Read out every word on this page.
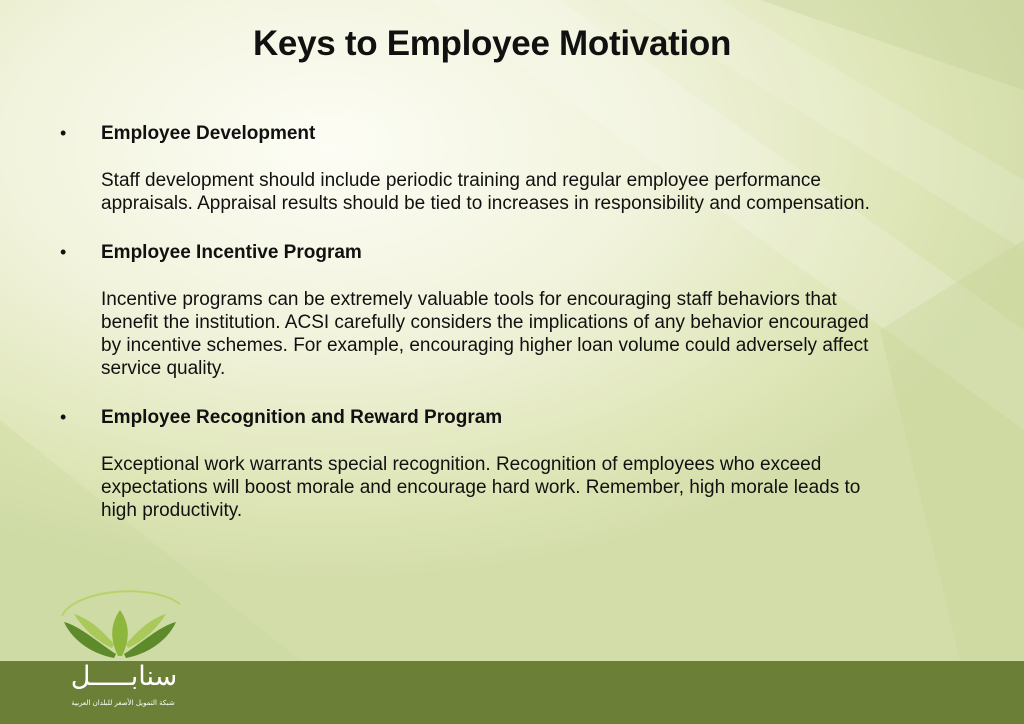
Keys to Employee Motivation
• Employee Development

Staff development should include periodic training and regular employee performance appraisals. Appraisal results should be tied to increases in responsibility and compensation.

• Employee Incentive Program

Incentive programs can be extremely valuable tools for encouraging staff behaviors that benefit the institution. ACSI carefully considers the implications of any behavior encouraged by incentive schemes. For example, encouraging higher loan volume could adversely affect service quality.

• Employee Recognition and Reward Program

Exceptional work warrants special recognition. Recognition of employees who exceed expectations will boost morale and encourage hard work. Remember, high morale leads to high productivity.

سنابـــــل
شبكة التمويل الأصغر للبلدان العربية
